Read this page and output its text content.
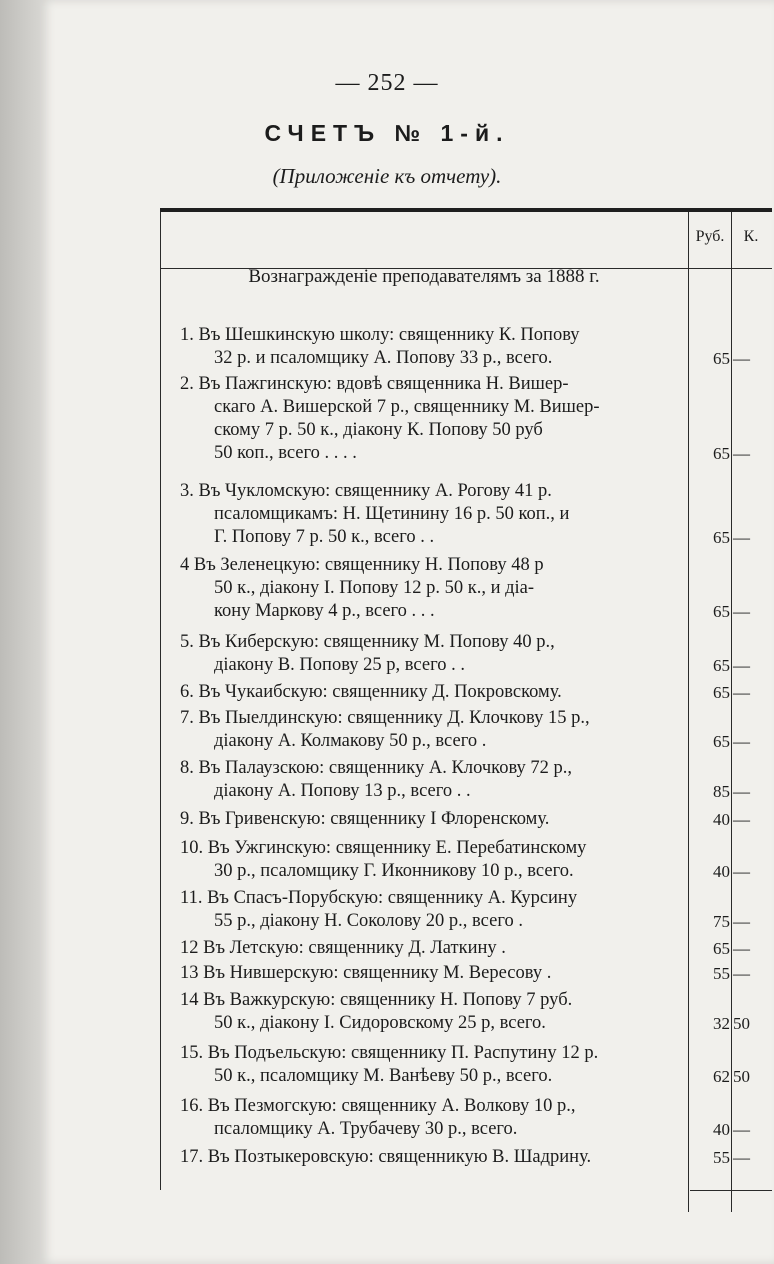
— 252 —
СЧЕТЪ № 1-й.
(Приложеніе къ отчету).
Руб.	К.
Вознагражденіе преподавателямъ за 1888 г.
1. Въ Шешкинскую школу: священнику К. Попову
32 р. и псаломщику А. Попову 33 р., всего.	65 —
2. Въ Пажгинскую: вдовѣ священника Н. Вишер-
скаго А. Вишерской 7 р., священнику М. Вишер-
скому 7 р. 50 к., діакону К. Попову 50 руб
50 коп., всего . . . .	65 —
3. Въ Чукломскую: священнику А. Рогову 41 р.
псаломщикамъ: Н. Щетинину 16 р. 50 коп., и
Г. Попову 7 р. 50 к., всего . .	65 —
4 Въ Зеленецкую: священнику Н. Попову 48 р
50 к., діакону І. Попову 12 р. 50 к., и діа-
кону Маркову 4 р., всего . . .	65 —
5. Въ Киберскую: священнику М. Попову 40 р.,
діакону В. Попову 25 р, всего . .	65 —
6. Въ Чукаибскую: священнику Д. Покровскому.	65 —
7. Въ Пыелдинскую: священнику Д. Клочкову 15 р.,
діакону А. Колмакову 50 р., всего .	65 —
8. Въ Палаузскою: священнику А. Клочкову 72 р.,
діакону А. Попову 13 р., всего . .	85 —
9. Въ Гривенскую: священнику І Флоренскому.	40 —
10. Въ Ужгинскую: священнику Е. Перебатинскому
30 р., псаломщику Г. Иконникову 10 р., всего.	40 —
11. Въ Спасъ-Порубскую: священнику А. Курсину
55 р., діакону Н. Соколову 20 р., всего .	75 —
12 Въ Летскую: священнику Д. Латкину .	65 —
13 Въ Нившерскую: священнику М. Вересову .	55 —
14 Въ Важкурскую: священнику Н. Попову 7 руб.
50 к., діакону І. Сидоровскому 25 р, всего.	32 50
15. Въ Подъельскую: священнику П. Распутину 12 р.
50 к., псаломщику М. Ванѣеву 50 р., всего.	62 50
16. Въ Пезмогскую: священнику А. Волкову 10 р.,
псаломщику А. Трубачеву 30 р., всего.	40 —
17. Въ Позтыкеровскую: священникую В. Шадрину.	55 —
